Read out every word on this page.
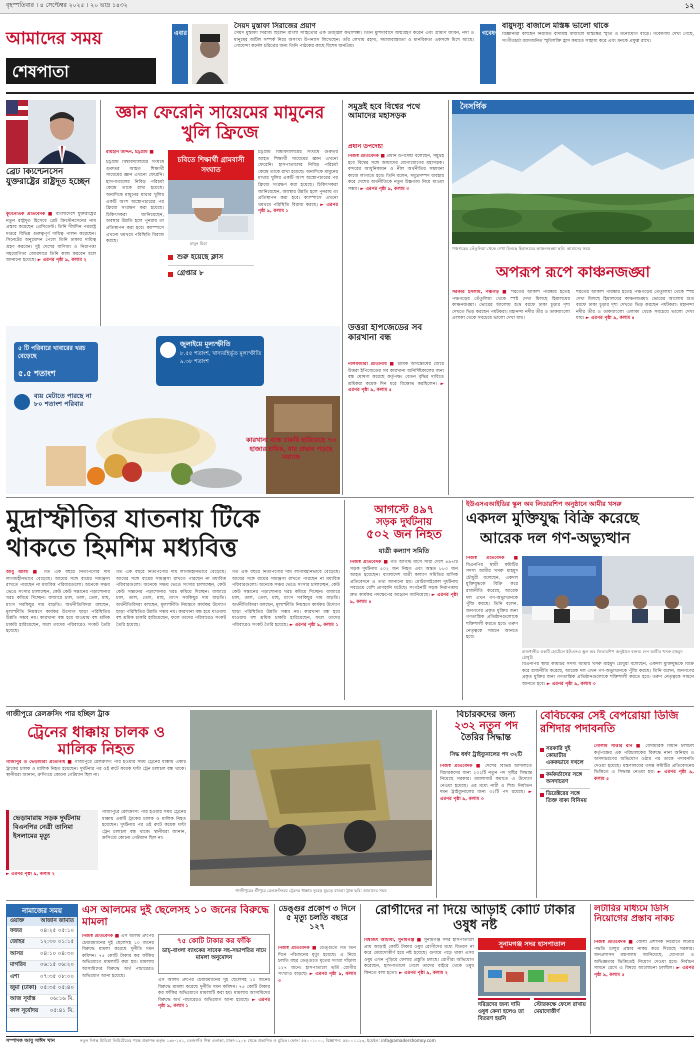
বৃহস্পতিবার । ৪ সেপ্টেম্বর ২০২৫ । ২০ ভাদ্র ১৪৩২	১২
আমাদের সময়
শেষপাতা
এবার
সৈয়দ মুস্তাফা সিরাজের প্রয়াণ
সৈয়দ মুস্তাফা সিরাজ ছিলেন বাংলা সাহিত্যের এক উজ্জ্বল কথাশিল্পী। তিনি মুর্শিদাবাদে জন্মগ্রহণ করেন এবং গ্রামীণ জীবন, নদী ও মানুষের জটিল সম্পর্ক নিয়ে অসংখ্য উপন্যাস লিখেছেন। তাঁর লেখায় রহস্য, সমাজবাস্তবতা ও মানবিকতা একসঙ্গে মিশে আছে। গোয়েন্দা কর্নেল চরিত্রের জন্য তিনি পাঠকের কাছে বিশেষ জনপ্রিয়।
গবেষণা
বায়ুদস্যু বাজালে মস্তিষ্ক ভালো থাকে
বিজ্ঞানীরা বলছেন নিয়মিত বাদ্যযন্ত্র বাজালে মস্তিষ্কের স্মৃতি ও মনোযোগ বাড়ে। গবেষণায় দেখা গেছে, সংগীতচর্চা বয়সজনিত স্মৃতিশক্তি হ্রাস কমাতে সাহায্য করে এবং মনকে প্রফুল্ল রাখে।
ব্রেট ক্যিন্টেনসেন যুক্তরাষ্ট্রের রাষ্ট্রদূত হচ্ছেন
কূটনৈতিক প্রতিবেদক ■ বাংলাদেশে যুক্তরাষ্ট্রের নতুন রাষ্ট্রদূত হিসেবে ব্রেট ক্রিস্টেনসেনের নাম প্রস্তাব করেছেন প্রেসিডেন্ট। তিনি দীর্ঘদিন পররাষ্ট্র দপ্তরে বিভিন্ন গুরুত্বপূর্ণ দায়িত্ব পালন করেছেন। সিনেটের অনুমোদন পেলে তিনি ঢাকায় দায়িত্ব গ্রহণ করবেন। দুই দেশের বাণিজ্য ও নিরাপত্তা সহযোগিতা জোরদারে তিনি কাজ করবেন বলে জানানো হয়েছে। ► এরপর পৃষ্ঠা ৯, কলাম ২
জ্ঞান ফেরেনি সায়েমের মামুনের খুলি ফ্রিজে
রায়হান উদ্দিন, চট্টগ্রাম ■
চট্টগ্রাম বিশ্ববিদ্যালয়ের সংঘর্ষে গুরুতর আহত শিক্ষার্থী সায়েমের জ্ঞান এখনো ফেরেনি। হাসপাতালের নিবিড় পরিচর্যা কেন্দ্রে তাকে রাখা হয়েছে। অন্যদিকে মামুনের মাথার খুলির একটি অংশ অস্ত্রোপচারের পর ফ্রিজে সংরক্ষণ করা হয়েছে। চিকিৎসকরা জানিয়েছেন, অবস্থার উন্নতি হলে পুনরায় তা প্রতিস্থাপন করা হবে। ক্যাম্পাসে এখনো থমথমে পরিস্থিতি বিরাজ করছে।
চবিতে শিক্ষার্থী গ্রামবাসী সংঘাত
মামুন মিয়া
শুরু হয়েছে ক্লাস
গ্রেপ্তার ৮
চট্টগ্রাম বিশ্ববিদ্যালয়ের সংঘর্ষে গুরুতর আহত শিক্ষার্থী সায়েমের জ্ঞান এখনো ফেরেনি। হাসপাতালের নিবিড় পরিচর্যা কেন্দ্রে তাকে রাখা হয়েছে। অন্যদিকে মামুনের মাথার খুলির একটি অংশ অস্ত্রোপচারের পর ফ্রিজে সংরক্ষণ করা হয়েছে। চিকিৎসকরা জানিয়েছেন, অবস্থার উন্নতি হলে পুনরায় তা প্রতিস্থাপন করা হবে। ক্যাম্পাসে এখনো থমথমে পরিস্থিতি বিরাজ করছে। ► এরপর পৃষ্ঠা ৯, কলাম ১
সমুদ্রই হবে বিশ্বের পথে আমাদের মহাসড়ক
প্রধান উপদেষ্টা
নিজস্ব প্রতিবেদক ■ প্রধান উপদেষ্টা বলেছেন, সমুদ্রই হবে বিশ্বের সঙ্গে আমাদের যোগাযোগের মহাসড়ক। বন্দরের আধুনিকায়ন ও নীল অর্থনীতির সম্ভাবনা কাজে লাগাতে হবে। তিনি বলেন, সমুদ্রসম্পদ ব্যবহার করে দেশের অর্থনীতিকে নতুন উচ্চতায় নিয়ে যাওয়া সম্ভব। ► এরপর পৃষ্ঠা ৯, কলাম ৩
নৈসর্গিক
পঞ্চগড়ের তেঁতুলিয়া থেকে দেখা মিলছে হিমালয়ের কাঞ্চনজঙ্ঘা ছবি: আমাদের সময়
অপরূপ রূপে কাঞ্চনজঙ্ঘা
সরকার ইসলাম, পঞ্চগড় ■ শরতের আকাশ পরিষ্কার হতেই পঞ্চগড়ের তেঁতুলিয়া থেকে স্পষ্ট দেখা মিলছে হিমালয়ের কাঞ্চনজঙ্ঘা। ভোরের আলোয় শুভ্র বরফে ঢাকা চূড়ার দৃশ্য দেখতে ভিড় করছেন পর্যটকরা। মহানন্দা নদীর তীর ও ডাকবাংলো এলাকা থেকে সবচেয়ে ভালো দেখা যায়।
শরতের আকাশ পরিষ্কার হতেই পঞ্চগড়ের তেঁতুলিয়া থেকে স্পষ্ট দেখা মিলছে হিমালয়ের কাঞ্চনজঙ্ঘা। ভোরের আলোয় শুভ্র বরফে ঢাকা চূড়ার দৃশ্য দেখতে ভিড় করছেন পর্যটকরা। মহানন্দা নদীর তীর ও ডাকবাংলো এলাকা থেকে সবচেয়ে ভালো দেখা যায়। ► এরপর পৃষ্ঠা ৯, কলাম ৪
উত্তরা ইপিজেডের সব কারখানা বন্ধ
নীলফামারী প্রতিনিধি ■ শ্রমিক অসন্তোষের জেরে উত্তরা ইপিজেডের সব কারখানা অনির্দিষ্টকালের জন্য বন্ধ ঘোষণা করেছে কর্তৃপক্ষ। বেতন বৃদ্ধির দাবিতে শ্রমিকরা কয়েক দিন ধরে বিক্ষোভ করছিলেন। ► এরপর পৃষ্ঠা ৯, কলাম ৫
৫ টি পরিবারে খাবারের খরচ বেড়েছে
৫.৫ শতাংশ
জুলাইয়ে মূল্যস্ফীতি
৮.৫৫ শতাংশ, খাদ্যবহির্ভূত মূল্যস্ফীতি ৯.৩৮ শতাংশ
ব্যয় মেটাতে পারছে না ৮০ শতাংশ পরিবার
কারখানা বন্ধে চাকরি হারিয়েছে ৭৩ হাজার শ্রমিক, যার প্রভাব পড়ছে সমাজে
মুদ্রাস্ফীতির যাতনায় টিকে থাকতে হিমশিম মধ্যবিত্ত
আবু আলী ■ গত এক বছরে নিত্যপণ্যের দাম লাগামহীনভাবে বেড়েছে। আয়ের সঙ্গে ব্যয়ের সামঞ্জস্য রাখতে পারছেন না মধ্যবিত্ত পরিবারগুলো। অনেকে সঞ্চয় ভেঙে সংসার চালাচ্ছেন, কেউ কেউ সন্তানের পড়াশোনার খরচ কমিয়ে দিচ্ছেন। বাজারে চাল, ডাল, তেল, মাছ, মাংস সবকিছুর দাম বাড়তি। অর্থনীতিবিদরা বলছেন, মূল্যস্ফীতি নিয়ন্ত্রণে কার্যকর উদ্যোগ ছাড়া পরিস্থিতির উন্নতি সম্ভব নয়। কারখানা বন্ধ হয়ে যাওয়ায় বহু শ্রমিক চাকরি হারিয়েছেন, ফলে তাদের পরিবারেও সংকট তৈরি হয়েছে।
গত এক বছরে নিত্যপণ্যের দাম লাগামহীনভাবে বেড়েছে। আয়ের সঙ্গে ব্যয়ের সামঞ্জস্য রাখতে পারছেন না মধ্যবিত্ত পরিবারগুলো। অনেকে সঞ্চয় ভেঙে সংসার চালাচ্ছেন, কেউ কেউ সন্তানের পড়াশোনার খরচ কমিয়ে দিচ্ছেন। বাজারে চাল, ডাল, তেল, মাছ, মাংস সবকিছুর দাম বাড়তি। অর্থনীতিবিদরা বলছেন, মূল্যস্ফীতি নিয়ন্ত্রণে কার্যকর উদ্যোগ ছাড়া পরিস্থিতির উন্নতি সম্ভব নয়। কারখানা বন্ধ হয়ে যাওয়ায় বহু শ্রমিক চাকরি হারিয়েছেন, ফলে তাদের পরিবারেও সংকট তৈরি হয়েছে।
গত এক বছরে নিত্যপণ্যের দাম লাগামহীনভাবে বেড়েছে। আয়ের সঙ্গে ব্যয়ের সামঞ্জস্য রাখতে পারছেন না মধ্যবিত্ত পরিবারগুলো। অনেকে সঞ্চয় ভেঙে সংসার চালাচ্ছেন, কেউ কেউ সন্তানের পড়াশোনার খরচ কমিয়ে দিচ্ছেন। বাজারে চাল, ডাল, তেল, মাছ, মাংস সবকিছুর দাম বাড়তি। অর্থনীতিবিদরা বলছেন, মূল্যস্ফীতি নিয়ন্ত্রণে কার্যকর উদ্যোগ ছাড়া পরিস্থিতির উন্নতি সম্ভব নয়। কারখানা বন্ধ হয়ে যাওয়ায় বহু শ্রমিক চাকরি হারিয়েছেন, ফলে তাদের পরিবারেও সংকট তৈরি হয়েছে। ► এরপর পৃষ্ঠা ৯, কলাম ১
আগস্টে ৪৯৭
সড়ক দুর্ঘটনায়
৫০২ জন নিহত
যাত্রী কল্যাণ সমিতি
নিজস্ব প্রতিবেদক ■ গত আগস্ট মাসে সারা দেশে ৪৯৭টি সড়ক দুর্ঘটনায় ৫০২ জন নিহত এবং অন্তত ৮৮০ জন আহত হয়েছেন। বাংলাদেশ যাত্রী কল্যাণ সমিতির মাসিক প্রতিবেদনে এ তথ্য জানানো হয়। মোটরসাইকেল দুর্ঘটনায় সবচেয়ে বেশি প্রাণহানি ঘটেছে। সংগঠনটি সড়ক নিরাপত্তায় দ্রুত কার্যকর পদক্ষেপের আহ্বান জানিয়েছে। ► এরপর পৃষ্ঠা ৯, কলাম ৪
ইউএসএআইডির স্কুল অব লিডারশিপ অনুষ্ঠানে আমীর খসরু
একদল মুক্তিযুদ্ধ বিক্রি করেছে
আরেক দল গণ-অভ্যুত্থান
নিজস্ব প্রতিবেদক ■ বিএনপির স্থায়ী কমিটির সদস্য আমীর খসরু মাহমুদ চৌধুরী বলেছেন, একদল মুক্তিযুদ্ধকে বিক্রি করে রাজনীতি করেছে, আরেক দল এখন গণ-অভ্যুত্থানকে পুঁজি করছে। তিনি বলেন, জনগণের প্রকৃত মুক্তির জন্য গণতান্ত্রিক প্রতিষ্ঠানগুলোকে শক্তিশালী করতে হবে। তরুণ নেতৃত্বকে সামনে আনতে হবে।
রাজধানীর একটি হোটেলে ইউএসএ স্কুল অব লিডারশিপ অনুষ্ঠানে বক্তব্য দেন আমীর খসরু মাহমুদ চৌধুরী
বিএনপির স্থায়ী কমিটির সদস্য আমীর খসরু মাহমুদ চৌধুরী বলেছেন, একদল মুক্তিযুদ্ধকে বিক্রি করে রাজনীতি করেছে, আরেক দল এখন গণ-অভ্যুত্থানকে পুঁজি করছে। তিনি বলেন, জনগণের প্রকৃত মুক্তির জন্য গণতান্ত্রিক প্রতিষ্ঠানগুলোকে শক্তিশালী করতে হবে। তরুণ নেতৃত্বকে সামনে আনতে হবে। ► এরপর পৃষ্ঠা ৯, কলাম ৩
গাজীপুরে রেলক্রসিং পার হচ্ছিল ট্রাক
ট্রেনের ধাক্কায় চালক ও মালিক নিহত
গাজীপুর ও ভেড়ামারা প্রতিনিধি ■ গাজীপুরে রেলক্রসিং পার হওয়ার সময় ট্রেনের ধাক্কায় একটি ট্রাকের চালক ও মালিক নিহত হয়েছেন। দুর্ঘটনার পর ওই রুটে কয়েক ঘণ্টা ট্রেন চলাচল বন্ধ থাকে। স্থানীয়রা জানান, ক্রসিংয়ে কোনো গেটম্যান ছিল না।
ভেড়ামারায় সড়ক দুর্ঘটনায় বিএনপির নেত্রী তানিমা ইসলামের মৃত্যু
গাজীপুরে রেলক্রসিং পার হওয়ার সময় ট্রেনের ধাক্কায় একটি ট্রাকের চালক ও মালিক নিহত হয়েছেন। দুর্ঘটনার পর ওই রুটে কয়েক ঘণ্টা ট্রেন চলাচল বন্ধ থাকে। স্থানীয়রা জানান, ক্রসিংয়ে কোনো গেটম্যান ছিল না।
► এরপর পৃষ্ঠা ৯, কলাম ২
গাজীপুরের শ্রীপুরে রেলক্রসিংয়ে ট্রেনের ধাক্কায় দুমড়ে মুচড়ে যাওয়া ট্রাক ছবি: আমাদের সময়
বিচারকদের জন্য
২৩২ নতুন পদ
তৈরির সিদ্ধান্ত
সিদ্ধ ধর্ষণ ট্রাইব্যুনালের পদ ৩২টি
নিজস্ব প্রতিবেদক ■ দেশের বিভিন্ন আদালতে বিচারকদের জন্য ২৩২টি নতুন পদ সৃষ্টির সিদ্ধান্ত নিয়েছে সরকার। মামলাজট কমাতে এ উদ্যোগ নেওয়া হয়েছে। এর মধ্যে নারী ও শিশু নির্যাতন দমন ট্রাইব্যুনালের জন্য ৩২টি পদ রয়েছে। ► এরপর পৃষ্ঠা ৯, কলাম ৩
বেবিচকের সেই বেপরোয়া ডিজি রশিদার পদাবনতি
সরকারি দুই কোয়ার্টার এককভাবে দখলে
কর্মকর্তাদের সঙ্গে অসদাচরণ
ডিরেক্টরের সঙ্গে তিক্ত বাক্য বিনিময়
গোলাম সাত্তার রনি ■ বেসামরিক বিমান চলাচল কর্তৃপক্ষের এক পরিচালকের বিরুদ্ধে নানা অনিয়ম ও অসদাচরণের অভিযোগ ওঠার পর তাকে পদাবনতি দেওয়া হয়েছে। মন্ত্রণালয়ের তদন্ত কমিটির প্রতিবেদনের ভিত্তিতে এ সিদ্ধান্ত নেওয়া হয়। ► এরপর পৃষ্ঠা ৯, কলাম ৫
নামাজের সময়
ওয়াক্ত	আজান জামাত
ফজর	০৪:২৫ ০৫:১০
জোহর	১২:৩০ ০১:১৫
আসর	০৪:১০ ০৪:৩০
মাগরিব	০৬:১৫ ০৬:২০
এশা	০৭:৩৫ ০৮:০০
জুমা (ঢাকা) ০৫:৩৫ ০৫:৪০
আজ সূর্যাস্ত	০৬:১৬ মি.
কাল সূর্যোদয় ০৫:৪১ মি.
এস আলমের দুই ছেলেসহ ১০ জনের বিরুদ্ধে মামলা
৭৫ কোটি টাকার কর ফাঁকি
ডাচ্-বাংলা ব্যাংকের সাবেক সহ-সভাপতির নামে মামলা অনুমোদন
নিজস্ব প্রতিবেদক ■ এস আলম গ্রুপের চেয়ারম্যানের দুই ছেলেসহ ১০ জনের বিরুদ্ধে মামলা করেছে দুর্নীতি দমন কমিশন। ৭৫ কোটি টাকার কর ফাঁকির অভিযোগে মামলাটি করা হয়। মামলায় আসামিদের বিরুদ্ধে অর্থ পাচারেরও অভিযোগ আনা হয়েছে।
এস আলম গ্রুপের চেয়ারম্যানের দুই ছেলেসহ ১০ জনের বিরুদ্ধে মামলা করেছে দুর্নীতি দমন কমিশন। ৭৫ কোটি টাকার কর ফাঁকির অভিযোগে মামলাটি করা হয়। মামলায় আসামিদের বিরুদ্ধে অর্থ পাচারেরও অভিযোগ আনা হয়েছে। ► এরপর পৃষ্ঠা ৯, কলাম ১
ডেঙ্গুর প্রকোপ ৩ দিনে ৫ মৃত্যু চলতি বছরে ১২৭
নিজস্ব প্রতিবেদক ■ ডেঙ্গুতে গত তিন দিনে পাঁচজনের মৃত্যু হয়েছে। এ নিয়ে চলতি বছর ডেঙ্গুতে মৃতের সংখ্যা দাঁড়াল ১২৭ জনে। হাসপাতালে ভর্তি রোগীর সংখ্যাও বাড়ছে। ► এরপর পৃষ্ঠা ৯, কলাম ৩
রোগীদের না দিয়ে আড়াই কোটি টাকার ওষুধ নষ্ট
বিশ্বজিৎ আচার্য্য, সুনামগঞ্জ ■ সুনামগঞ্জ সদর হাসপাতালে প্রায় আড়াই কোটি টাকার ওষুধ রোগীদের মধ্যে বিতরণ না করে মেয়াদোত্তীর্ণ হয়ে নষ্ট হয়েছে। গুদামে পড়ে থাকা এসব ওষুধ এখন পুড়িয়ে ফেলার প্রস্তুতি চলছে। রোগীরা অভিযোগ করেছেন, হাসপাতালে গেলে তাদের বাইরে থেকে ওষুধ কিনতে বলা হতো। ► এরপর পৃষ্ঠা ৯, কলাম ২
সুনামগঞ্জ সদর হাসপাতাল
দরিদ্রদের জন্য দামি ওষুধ কেনা হলেও তা বিতরণ হয়নি
স্টোরকক্ষে ফেলে রাখায় মেয়াদোত্তীর্ণ
লটারির মাধ্যমে ডিসি নিয়োগের প্রস্তাব নাকচ
নিজস্ব প্রতিবেদক ■ জেলা প্রশাসক নিয়োগে লটারি পদ্ধতি চালুর প্রস্তাব নাকচ করে দিয়েছে সরকার। জনপ্রশাসন মন্ত্রণালয় জানিয়েছে, যোগ্যতা ও অভিজ্ঞতার ভিত্তিতেই নিয়োগ দেওয়া হবে। নির্বাচন সামনে রেখে এ বিষয়ে আলোচনা চলছিল। ► এরপর পৃষ্ঠা ৯, কলাম ৫
সম্পাদক আবু সাঈদ খান	নতুন দিগন্ত মিডিয়া লিমিটেডের পক্ষে প্রকাশক কর্তৃক ১৩৮-১৪১, তেজগাঁও শিল্প এলাকা, ঢাকা-১২০৮ থেকে প্রকাশিত ও মুদ্রিত। ফোন: ৫৫০০১০০০, বিজ্ঞাপন: ৫৫০০১১২৩, ইমেইল: info@amadershomoy.com
